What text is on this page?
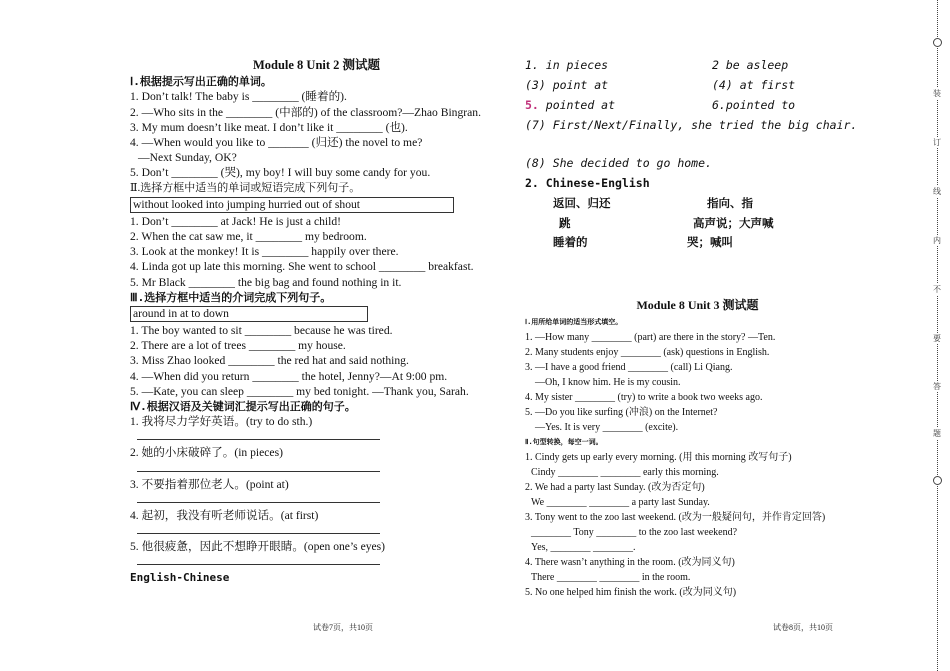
Module 8 Unit 2 测试题
Ⅰ.根据提示写出正确的单词。
1. Don’t talk! The baby is ________ (睡着的).
2. —Who sits in the ________ (中部的) of the classroom?—Zhao Bingran.
3. My mum doesn’t like meat. I don’t like it ________ (也).
4. —When would you like to _______ (归还) the novel to me?
—Next Sunday, OK?
5. Don’t ________ (哭), my boy! I will buy some candy for you.
Ⅱ.选择方框中适当的单词或短语完成下列句子。
without looked into jumping hurried out of shout
1. Don’t ________ at Jack! He is just a child!
2. When the cat saw me, it ________ my bedroom.
3. Look at the monkey! It is ________ happily over there.
4. Linda got up late this morning. She went to school ________ breakfast.
5. Mr Black ________ the big bag and found nothing in it.
Ⅲ.选择方框中适当的介词完成下列句子。
around in at to down
1. The boy wanted to sit ________ because he was tired.
2. There are a lot of trees ________ my house.
3. Miss Zhao looked ________ the red hat and said nothing.
4. —When did you return ________ the hotel, Jenny?—At 9:00 pm.
5. —Kate, you can sleep ________ my bed tonight. —Thank you, Sarah.
Ⅳ.根据汉语及关键词汇提示写出正确的句子。
1. 我将尽力学好英语。(try to do sth.)
2. 她的小床破碎了。(in pieces)
3. 不要指着那位老人。(point at)
4. 起初，我没有听老师说话。(at first)
5. 他很疲惫，因此不想睁开眼睛。(open one’s eyes)
English-Chinese
1. in pieces	2 be asleep
(3) point at	(4) at first
5. pointed at	6.pointed to
(7) First/Next/Finally, she tried the big chair.
(8) She decided to go home.
2. Chinese-English
返回、归还	指向、指
跳	高声说；大声喊
睡着的	哭；喊叫
Module 8 Unit 3 测试题
Ⅰ.用所给单词的适当形式填空。
1. —How many ________ (part) are there in the story? —Ten.
2. Many students enjoy ________ (ask) questions in English.
3. —I have a good friend ________ (call) Li Qiang.
—Oh, I know him. He is my cousin.
4. My sister ________ (try) to write a book two weeks ago.
5. —Do you like surfing (冲浪) on the Internet?
—Yes. It is very ________ (excite).
Ⅱ.句型转换，每空一词。
1. Cindy gets up early every morning. (用 this morning 改写句子)
Cindy ________ ________ early this morning.
2. We had a party last Sunday. (改为否定句)
We ________ ________ a party last Sunday.
3. Tony went to the zoo last weekend. (改为一般疑问句，并作肯定回答)
________ Tony ________ to the zoo last weekend?
Yes, ________ ________.
4. There wasn’t anything in the room. (改为同义句)
There ________ ________ in the room.
5. No one helped him finish the work. (改为同义句)
试卷7页，共10页	试卷8页，共10页
装
订
线
内
不
要
答
题
